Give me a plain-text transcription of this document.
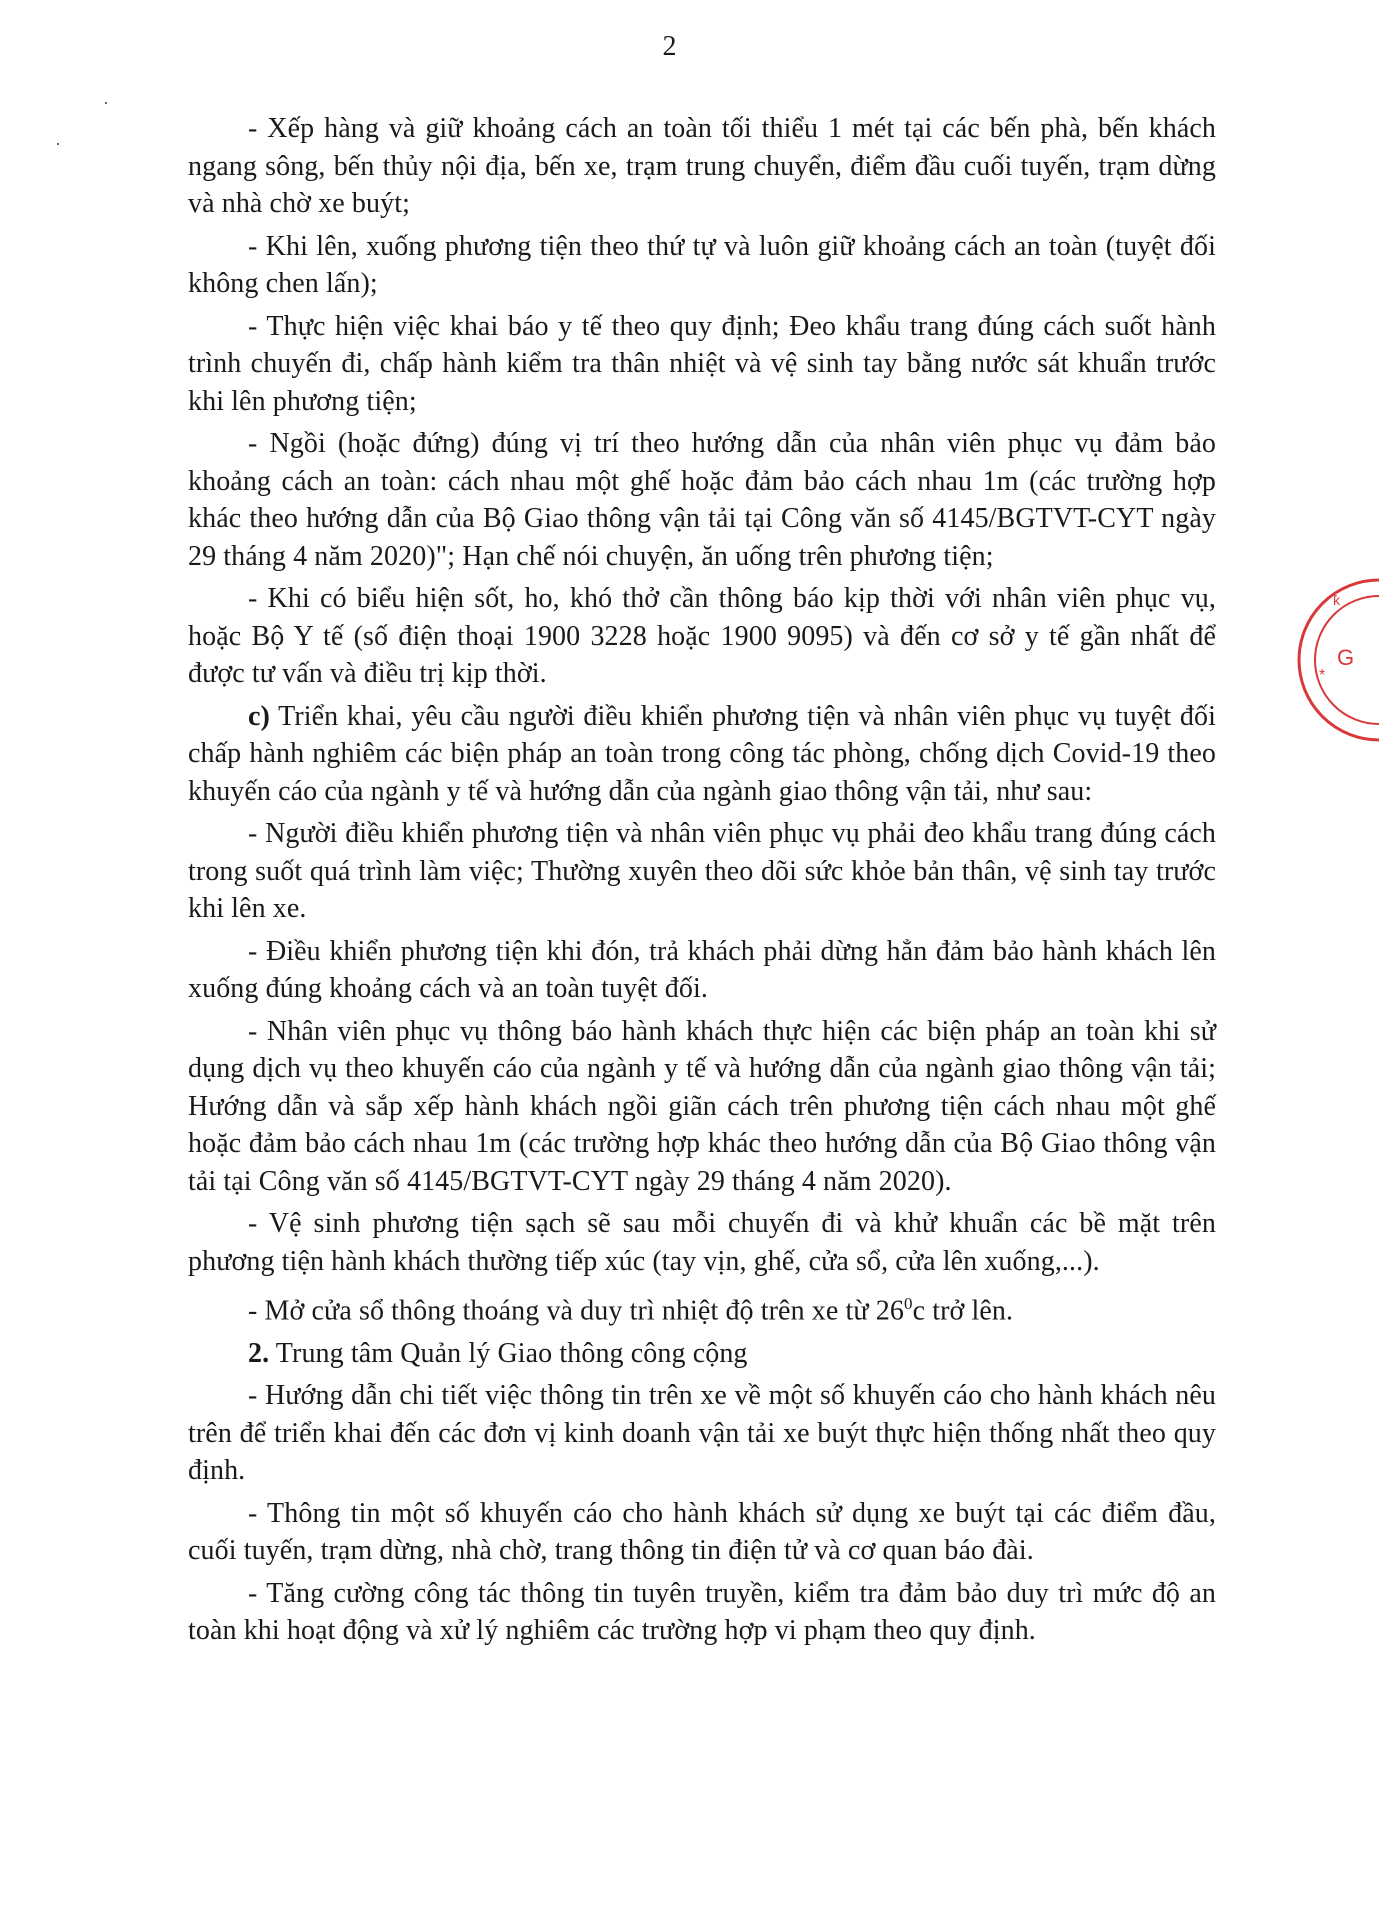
2

- Xếp hàng và giữ khoảng cách an toàn tối thiểu 1 mét tại các bến phà, bến khách ngang sông, bến thủy nội địa, bến xe, trạm trung chuyển, điểm đầu cuối tuyến, trạm dừng và nhà chờ xe buýt;

- Khi lên, xuống phương tiện theo thứ tự và luôn giữ khoảng cách an toàn (tuyệt đối không chen lấn);

- Thực hiện việc khai báo y tế theo quy định; Đeo khẩu trang đúng cách suốt hành trình chuyến đi, chấp hành kiểm tra thân nhiệt và vệ sinh tay bằng nước sát khuẩn trước khi lên phương tiện;

- Ngồi (hoặc đứng) đúng vị trí theo hướng dẫn của nhân viên phục vụ đảm bảo khoảng cách an toàn: cách nhau một ghế hoặc đảm bảo cách nhau 1m (các trường hợp khác theo hướng dẫn của Bộ Giao thông vận tải tại Công văn số 4145/BGTVT-CYT ngày 29 tháng 4 năm 2020)"; Hạn chế nói chuyện, ăn uống trên phương tiện;

- Khi có biểu hiện sốt, ho, khó thở cần thông báo kịp thời với nhân viên phục vụ, hoặc Bộ Y tế (số điện thoại 1900 3228 hoặc 1900 9095) và đến cơ sở y tế gần nhất để được tư vấn và điều trị kịp thời.

c) Triển khai, yêu cầu người điều khiển phương tiện và nhân viên phục vụ tuyệt đối chấp hành nghiêm các biện pháp an toàn trong công tác phòng, chống dịch Covid-19 theo khuyến cáo của ngành y tế và hướng dẫn của ngành giao thông vận tải, như sau:

- Người điều khiển phương tiện và nhân viên phục vụ phải đeo khẩu trang đúng cách trong suốt quá trình làm việc; Thường xuyên theo dõi sức khỏe bản thân, vệ sinh tay trước khi lên xe.

- Điều khiển phương tiện khi đón, trả khách phải dừng hẳn đảm bảo hành khách lên xuống đúng khoảng cách và an toàn tuyệt đối.

- Nhân viên phục vụ thông báo hành khách thực hiện các biện pháp an toàn khi sử dụng dịch vụ theo khuyến cáo của ngành y tế và hướng dẫn của ngành giao thông vận tải; Hướng dẫn và sắp xếp hành khách ngồi giãn cách trên phương tiện cách nhau một ghế hoặc đảm bảo cách nhau 1m (các trường hợp khác theo hướng dẫn của Bộ Giao thông vận tải tại Công văn số 4145/BGTVT-CYT ngày 29 tháng 4 năm 2020).

- Vệ sinh phương tiện sạch sẽ sau mỗi chuyến đi và khử khuẩn các bề mặt trên phương tiện hành khách thường tiếp xúc (tay vịn, ghế, cửa sổ, cửa lên xuống,...).

- Mở cửa sổ thông thoáng và duy trì nhiệt độ trên xe từ $26^0c$ trở lên.

2. Trung tâm Quản lý Giao thông công cộng

- Hướng dẫn chi tiết việc thông tin trên xe về một số khuyến cáo cho hành khách nêu trên để triển khai đến các đơn vị kinh doanh vận tải xe buýt thực hiện thống nhất theo quy định.

- Thông tin một số khuyến cáo cho hành khách sử dụng xe buýt tại các điểm đầu, cuối tuyến, trạm dừng, nhà chờ, trang thông tin điện tử và cơ quan báo đài.

- Tăng cường công tác thông tin tuyên truyền, kiểm tra đảm bảo duy trì mức độ an toàn khi hoạt động và xử lý nghiêm các trường hợp vi phạm theo quy định.

ƙ
*
G
